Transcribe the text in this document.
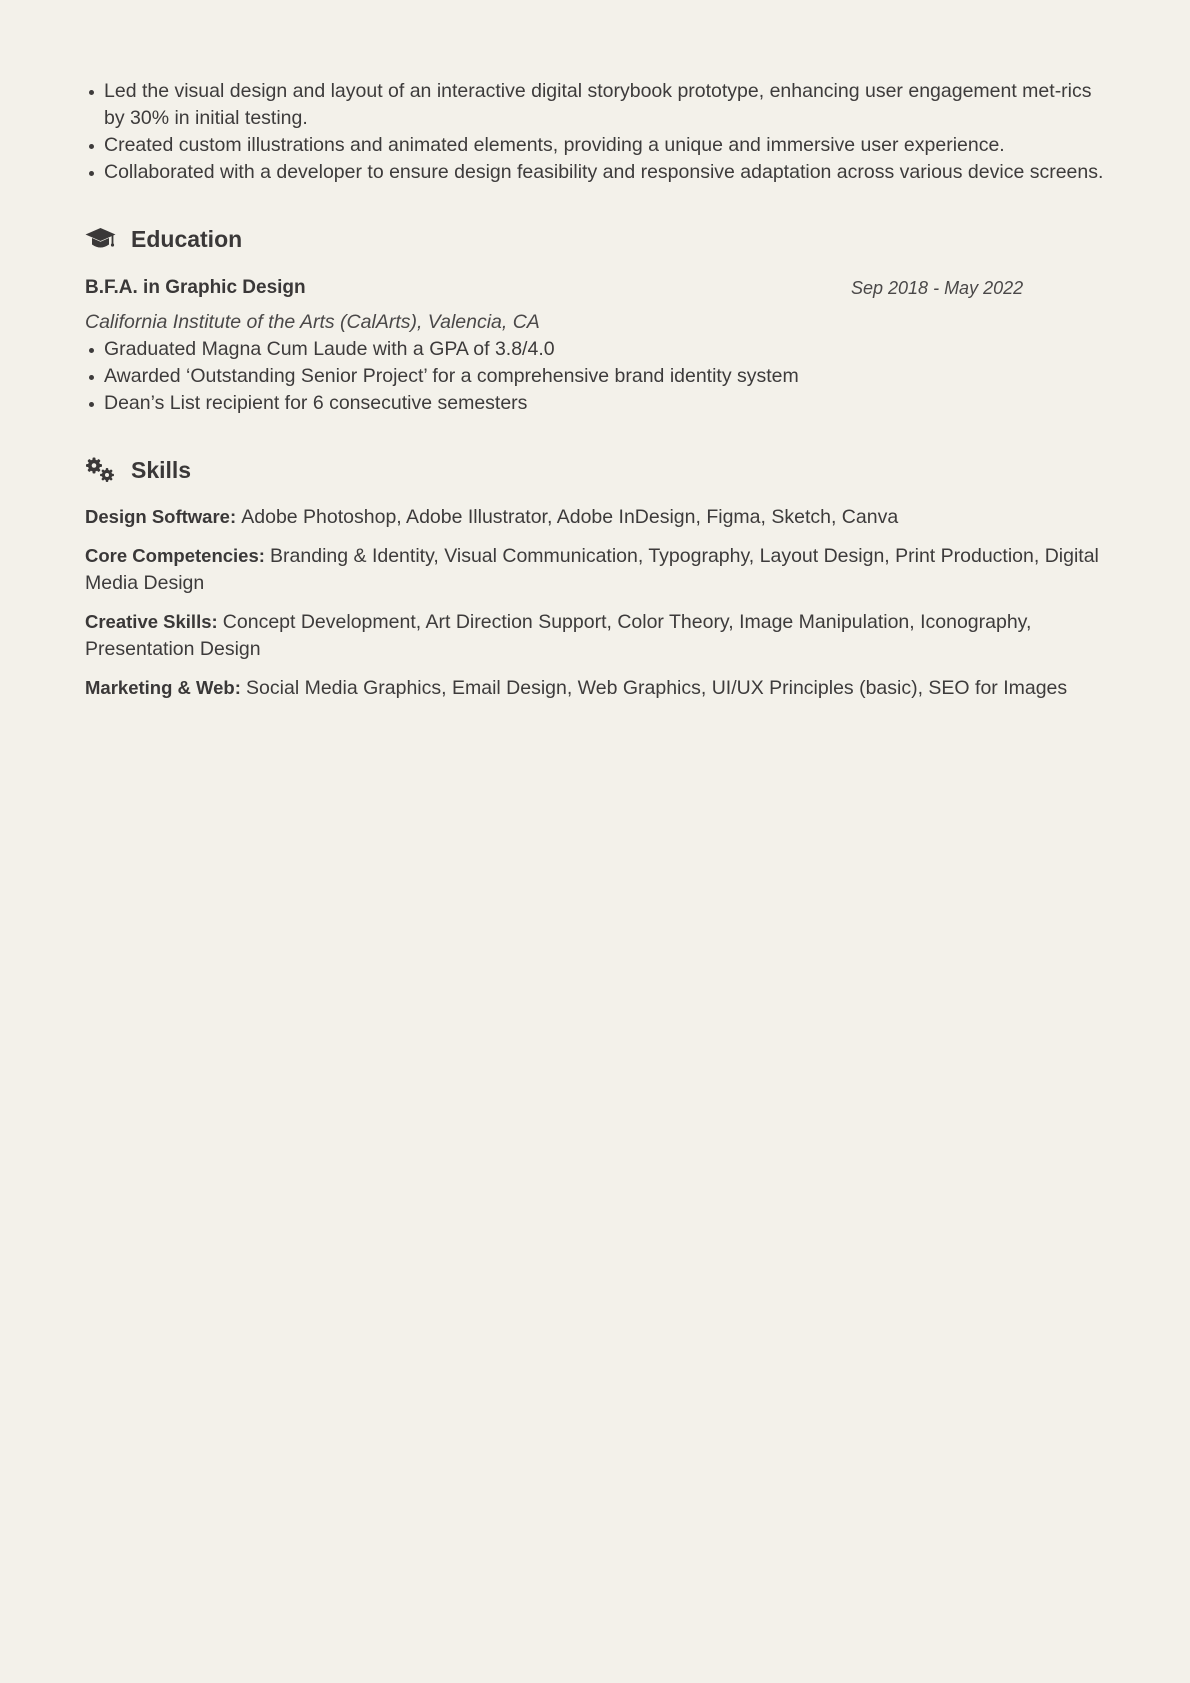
Led the visual design and layout of an interactive digital storybook prototype, enhancing user engagement met-rics by 30% in initial testing.
Created custom illustrations and animated elements, providing a unique and immersive user experience.
Collaborated with a developer to ensure design feasibility and responsive adaptation across various device screens.
Education
B.F.A. in Graphic Design	Sep 2018 - May 2022
California Institute of the Arts (CalArts), Valencia, CA
Graduated Magna Cum Laude with a GPA of 3.8/4.0
Awarded ‘Outstanding Senior Project’ for a comprehensive brand identity system
Dean’s List recipient for 6 consecutive semesters
Skills
Design Software: Adobe Photoshop, Adobe Illustrator, Adobe InDesign, Figma, Sketch, Canva
Core Competencies: Branding & Identity, Visual Communication, Typography, Layout Design, Print Production, Digital Media Design
Creative Skills: Concept Development, Art Direction Support, Color Theory, Image Manipulation, Iconography, Presentation Design
Marketing & Web: Social Media Graphics, Email Design, Web Graphics, UI/UX Principles (basic), SEO for Images
